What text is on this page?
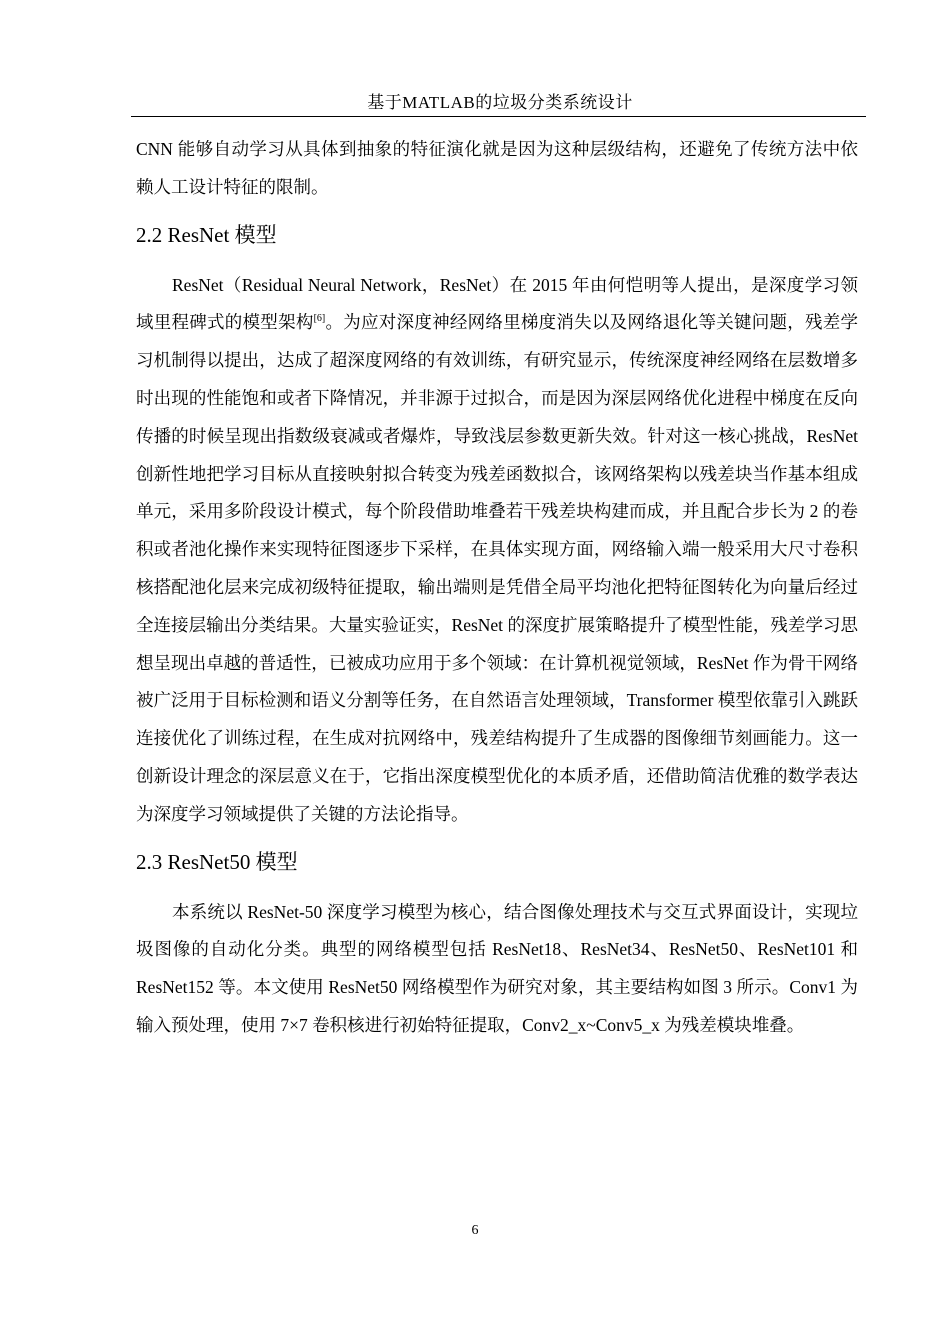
基于MATLAB的垃圾分类系统设计

CNN 能够自动学习从具体到抽象的特征演化就是因为这种层级结构，还避免了传统方法中依赖人工设计特征的限制。

2.2 ResNet 模型

ResNet（Residual Neural Network，ResNet）在 2015 年由何恺明等人提出，是深度学习领域里程碑式的模型架构[6]。为应对深度神经网络里梯度消失以及网络退化等关键问题，残差学习机制得以提出，达成了超深度网络的有效训练，有研究显示，传统深度神经网络在层数增多时出现的性能饱和或者下降情况，并非源于过拟合，而是因为深层网络优化进程中梯度在反向传播的时候呈现出指数级衰减或者爆炸，导致浅层参数更新失效。针对这一核心挑战，ResNet 创新性地把学习目标从直接映射拟合转变为残差函数拟合，该网络架构以残差块当作基本组成单元，采用多阶段设计模式，每个阶段借助堆叠若干残差块构建而成，并且配合步长为 2 的卷积或者池化操作来实现特征图逐步下采样，在具体实现方面，网络输入端一般采用大尺寸卷积核搭配池化层来完成初级特征提取，输出端则是凭借全局平均池化把特征图转化为向量后经过全连接层输出分类结果。大量实验证实，ResNet 的深度扩展策略提升了模型性能，残差学习思想呈现出卓越的普适性，已被成功应用于多个领域：在计算机视觉领域，ResNet 作为骨干网络被广泛用于目标检测和语义分割等任务，在自然语言处理领域，Transformer 模型依靠引入跳跃连接优化了训练过程，在生成对抗网络中，残差结构提升了生成器的图像细节刻画能力。这一创新设计理念的深层意义在于，它指出深度模型优化的本质矛盾，还借助简洁优雅的数学表达为深度学习领域提供了关键的方法论指导。

2.3 ResNet50 模型

本系统以 ResNet-50 深度学习模型为核心，结合图像处理技术与交互式界面设计，实现垃圾图像的自动化分类。典型的网络模型包括 ResNet18、ResNet34、ResNet50、ResNet101 和 ResNet152 等。本文使用 ResNet50 网络模型作为研究对象，其主要结构如图 3 所示。Conv1 为输入预处理，使用 7×7 卷积核进行初始特征提取，Conv2_x~Conv5_x 为残差模块堆叠。

6
